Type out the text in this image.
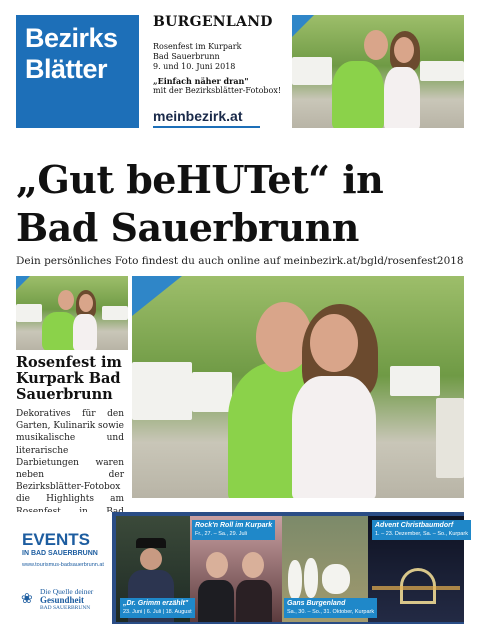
Bezirks
Blätter
BURGENLAND
Rosenfest im Kurpark
Bad Sauerbrunn
9. und 10. Juni 2018
„Einfach näher dran"
mit der Bezirksblätter-Fotobox!
meinbezirk.at
„Gut beHUTet“ in
Bad Sauerbrunn
Dein persönliches Foto findest du auch online auf meinbezirk.at/bgld/rosenfest2018
Rosenfest im Kurpark Bad Sauerbrunn
Dekoratives für den Garten, Kulinarik sowie musikalische und literarische Darbietungen waren neben der Bezirksblätter-Fotobox die Highlights am
EVENTS
IN BAD SAUERBRUNN
www.tourismus-badsauerbrunn.at
❀ Die Quelle deiner
Gesundheit
BAD SAUERBRUNN
Rock'n Roll im Kurpark
Fr., 27. – Sa., 29. Juli
Advent Christbaumdorf
1. – 23. Dezember, Sa. – So., Kurpark
„Dr. Grimm erzählt"
23. Juni | 6. Juli | 18. August
Gans Burgenland
Sa., 30. – So., 31. Oktober, Kurpark
